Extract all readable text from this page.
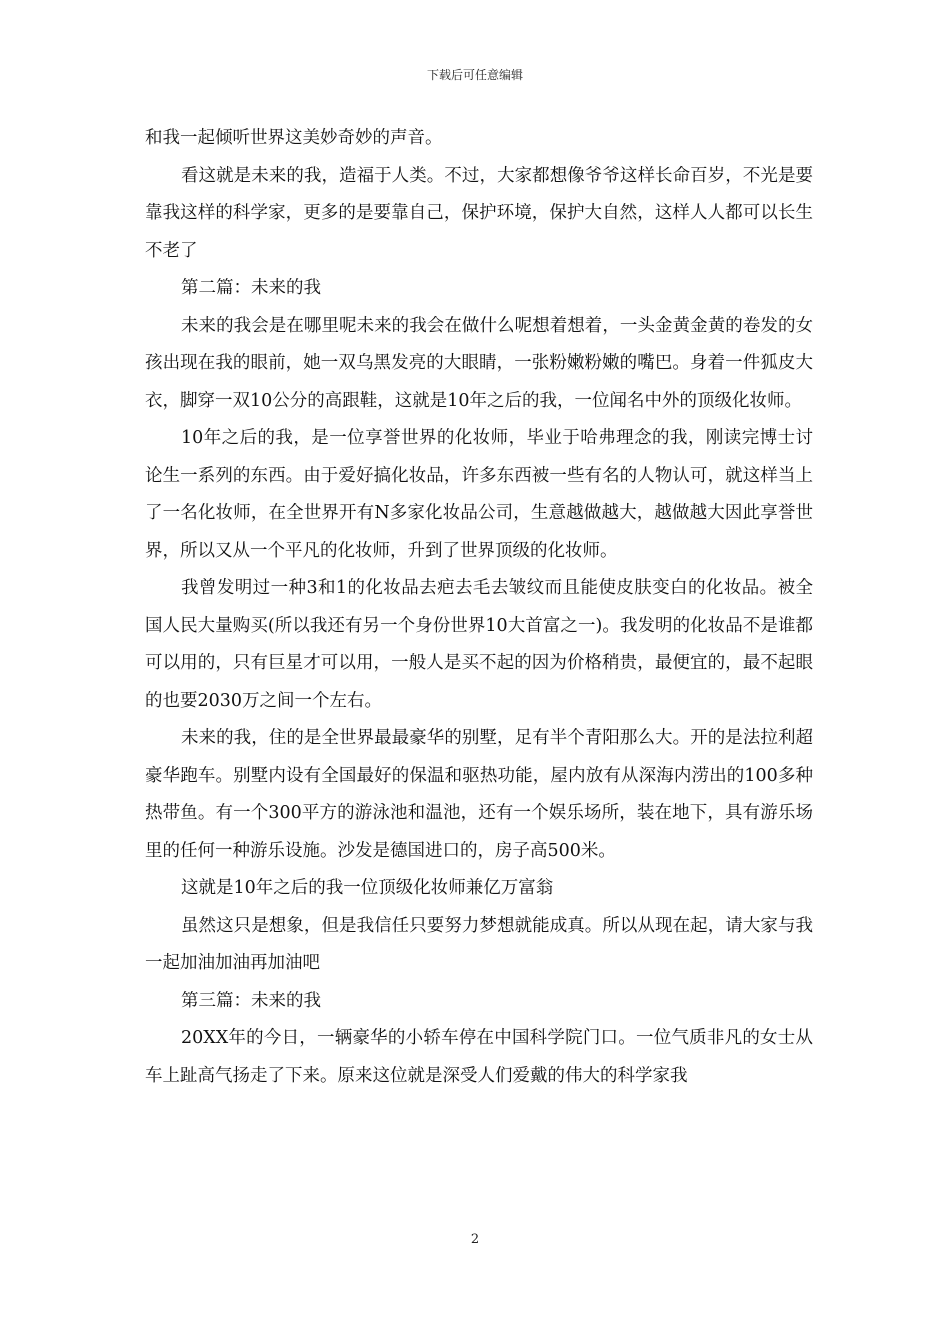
下载后可任意编辑

和我一起倾听世界这美妙奇妙的声音。

看这就是未来的我，造福于人类。不过，大家都想像爷爷这样长命百岁，不光是要靠我这样的科学家，更多的是要靠自己，保护环境，保护大自然，这样人人都可以长生不老了

第二篇：未来的我

未来的我会是在哪里呢未来的我会在做什么呢想着想着，一头金黄金黄的卷发的女孩出现在我的眼前，她一双乌黑发亮的大眼睛，一张粉嫩粉嫩的嘴巴。身着一件狐皮大衣，脚穿一双10公分的高跟鞋，这就是10年之后的我，一位闻名中外的顶级化妆师。

10年之后的我，是一位享誉世界的化妆师，毕业于哈弗理念的我，刚读完博士讨论生一系列的东西。由于爱好搞化妆品，许多东西被一些有名的人物认可，就这样当上了一名化妆师，在全世界开有N多家化妆品公司，生意越做越大，越做越大因此享誉世界，所以又从一个平凡的化妆师，升到了世界顶级的化妆师。

我曾发明过一种3和1的化妆品去疤去毛去皱纹而且能使皮肤变白的化妆品。被全国人民大量购买(所以我还有另一个身份世界10大首富之一)。我发明的化妆品不是谁都可以用的，只有巨星才可以用，一般人是买不起的因为价格稍贵，最便宜的，最不起眼的也要2030万之间一个左右。

未来的我，住的是全世界最最豪华的别墅，足有半个青阳那么大。开的是法拉利超豪华跑车。别墅内设有全国最好的保温和驱热功能，屋内放有从深海内涝出的100多种热带鱼。有一个300平方的游泳池和温池，还有一个娱乐场所，装在地下，具有游乐场里的任何一种游乐设施。沙发是德国进口的，房子高500米。

这就是10年之后的我一位顶级化妆师兼亿万富翁

虽然这只是想象，但是我信任只要努力梦想就能成真。所以从现在起，请大家与我一起加油加油再加油吧

第三篇：未来的我

20XX年的今日，一辆豪华的小轿车停在中国科学院门口。一位气质非凡的女士从车上趾高气扬走了下来。原来这位就是深受人们爱戴的伟大的科学家我

2
